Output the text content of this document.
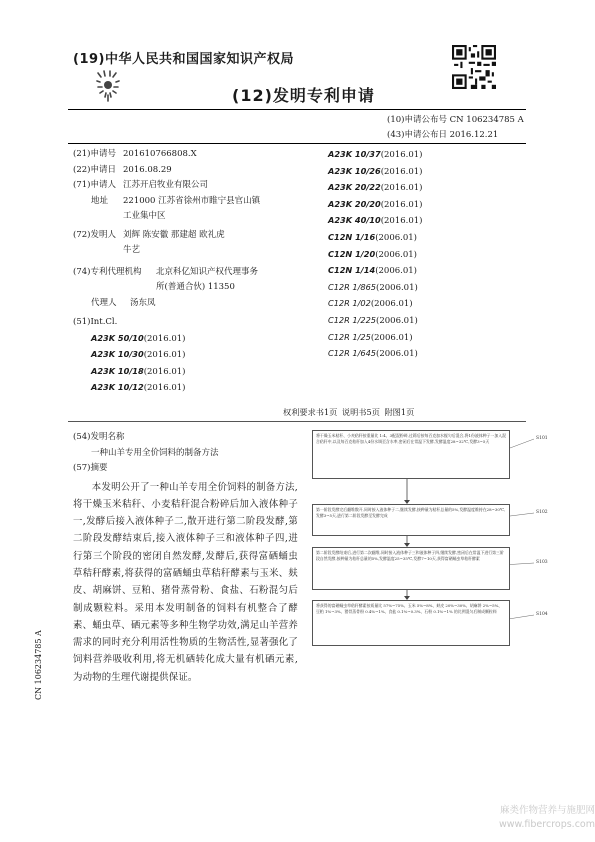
(19)中华人民共和国国家知识产权局
(12)发明专利申请
(10)申请公布号 CN 106234785 A
(43)申请公布日 2016.12.21
(21)申请号 201610766808.X
(22)申请日 2016.08.29
(71)申请人 江苏开启牧业有限公司
地址 221000 江苏省徐州市睢宁县官山镇
工业集中区
(72)发明人 刘辉 陈安徽 那建超 欧礼虎
牛艺
(74)专利代理机构 北京科亿知识产权代理事务
所(普通合伙) 11350
代理人 汤东凤
(51)Int.Cl.
A23K 50/10(2016.01)
A23K 10/30(2016.01)
A23K 10/18(2016.01)
A23K 10/12(2016.01)
A23K 10/37(2016.01)
A23K 10/26(2016.01)
A23K 20/22(2016.01)
A23K 20/20(2016.01)
A23K 40/10(2016.01)
C12N 1/16(2006.01)
C12N 1/20(2006.01)
C12N 1/14(2006.01)
C12R 1/865(2006.01)
C12R 1/02(2006.01)
C12R 1/225(2006.01)
C12R 1/25(2006.01)
C12R 1/645(2006.01)
权利要求书1页 说明书5页 附图1页
(54)发明名称
一种山羊专用全价饲料的制备方法
(57)摘要
本发明公开了一种山羊专用全价饲料的制备方法,将干燥玉米秸秆、小麦秸秆混合粉碎后加入液体种子一,发酵后接入液体种子二,散开进行第二阶段发酵,第二阶段发酵结束后,接入液体种子三和液体种子四,进行第三个阶段的密闭自然发酵,发酵后,获得富硒蛹虫草秸秆酵素,将获得的富硒蛹虫草秸秆酵素与玉米、麸皮、胡麻饼、豆粕、猪骨蒸骨粉、食盐、石粉混匀后制成颗粒料。采用本发明制备的饲料有机整合了酵素、蛹虫草、硒元素等多种生物学功效,满足山羊营养需求的同时充分利用活性物质的生物活性,显著强化了饲料营养吸收利用,将无机硒转化成大量有机硒元素,为动物的生理代谢提供保证。
将干燥玉米秸秆、小麦秸秆按重量比 1:4、3配混粉碎,过筛后按每百克加水搅匀后混合,将1份液体种子一加入混合秸秆中,以及每百克秸秆加入4份水调至含水率,密闭后在常温下发酵,发酵温度28~32℃,发酵3~5天
S101
第一阶段发酵完后翻堆散开,同时接入液体种子二,继续发酵,接种量为秸秆总量的5%,发酵温度维持在28~30℃,发酵3~5天,进行第二阶段发酵至发酵完成
S102
第二阶段发酵结束后,进行第二次翻堆,同时接入液体种子三和液体种子四,继续发酵,密闭后在常温下进行第三阶段自然发酵,接种量为秸秆总量的5%,发酵温度25~35℃,发酵7~10天,获得富硒蛹虫草秸秆酵素
S103
将获得的富硒蛹虫草秸秆酵素按质量比 57%~75%、玉米 5%~8%、麸皮 20%~30%、胡麻饼 2%~5%、豆粕 1%~3%、猪骨蒸骨粉 0.4%~1%、食盐 0.1%~0.3%、石粉 0.1%~1% 的比例混匀后制成颗粒料
S104
CN 106234785 A
麻类作物营养与施肥网
www.fibercrops.com
